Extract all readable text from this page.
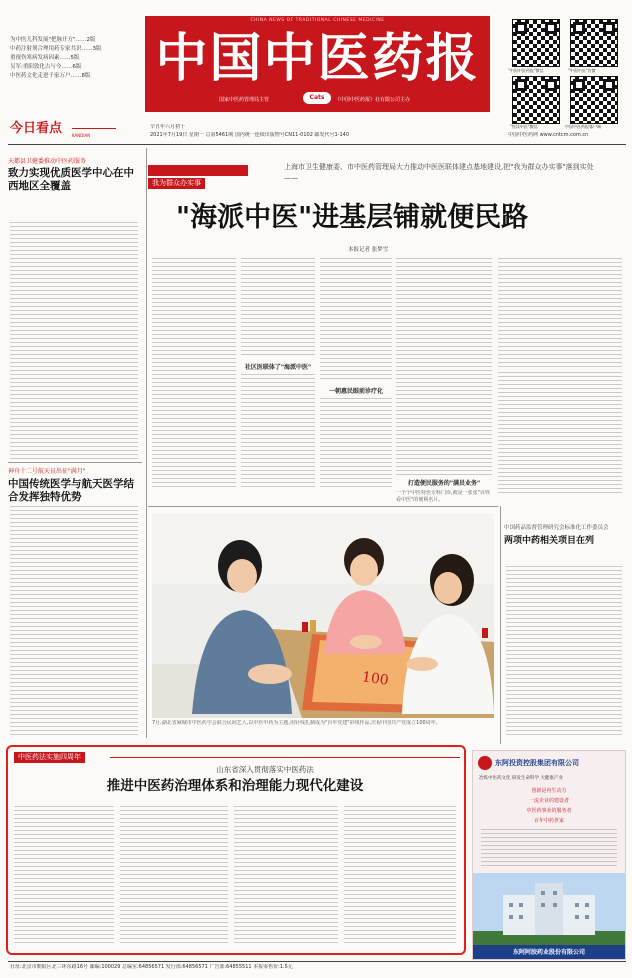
CHINA NEWS OF TRADITIONAL CHINESE MEDICINE
中国中医药报
国家中医药管理局主管	《中国中医药报》社有限公司主办
Cats
2021年7月19日 星期一 总第5461期 国内统一连续出版物号CN11-0102 邮发代号1-140
辛丑年六月初十
"中国中医药报"微信	"中国中医"官微
"悦读中医"微信	中国中医药报客户端
中国中医药网 www.cntcm.com.cn
为中医儿科发展"把脉开方"……2版
中药注射剂合理用药专家共识……3版
重视伤寒病发病因素……5版
吴军:重阳敦化古与今……6版
中医药文化走进千家万户……8版
今日看点 KANDIAN
天都县卫健委推动中医药服务
致力实现优质医学中心在中西地区全覆盖
神舟十二号航天员出征"满月"
中国传统医学与航天医学结合发挥独特优势
我为群众办实事
上海市卫生健康委、市中医药管理局大力推动中医医联体建点基地建设,把"我为群众办实事"落到实处——
"海派中医"进基层铺就便民路
本报记者 张梦雪
社区医联体了"海派中医"
一朝惠民眼前诊疗化
打造便民服务的"满员业务"
一个个中医特色专科门诊,就是一张张"百姓看中医"的便利名片。
中国药品监督管理研究会标准化工作委员会
两项中药相关项目在列
100
7月,湖北省麻城市中医药学会联合民间艺人,以中医中药为主题,用针线扎制成为"百年党建"彩线作品,庆祝中国共产党成立100周年。
中医药法实施四周年
山东省深入贯彻落实中医药法
推进中医药治理体系和治理能力现代化建设
东阿投资控股集团有限公司
冶炼中医药文化 研发生命科学 大健康产业
创新是内生动力
一流企业的建设者
中医药事业的服务者
百年中药世家
东阿阿胶药业股份有限公司
社址:北京市朝阳区北三环东路16号 邮编:100029 总编室:64856571 发行部:64856571 广告部:64855511 本报零售价:1.5元
